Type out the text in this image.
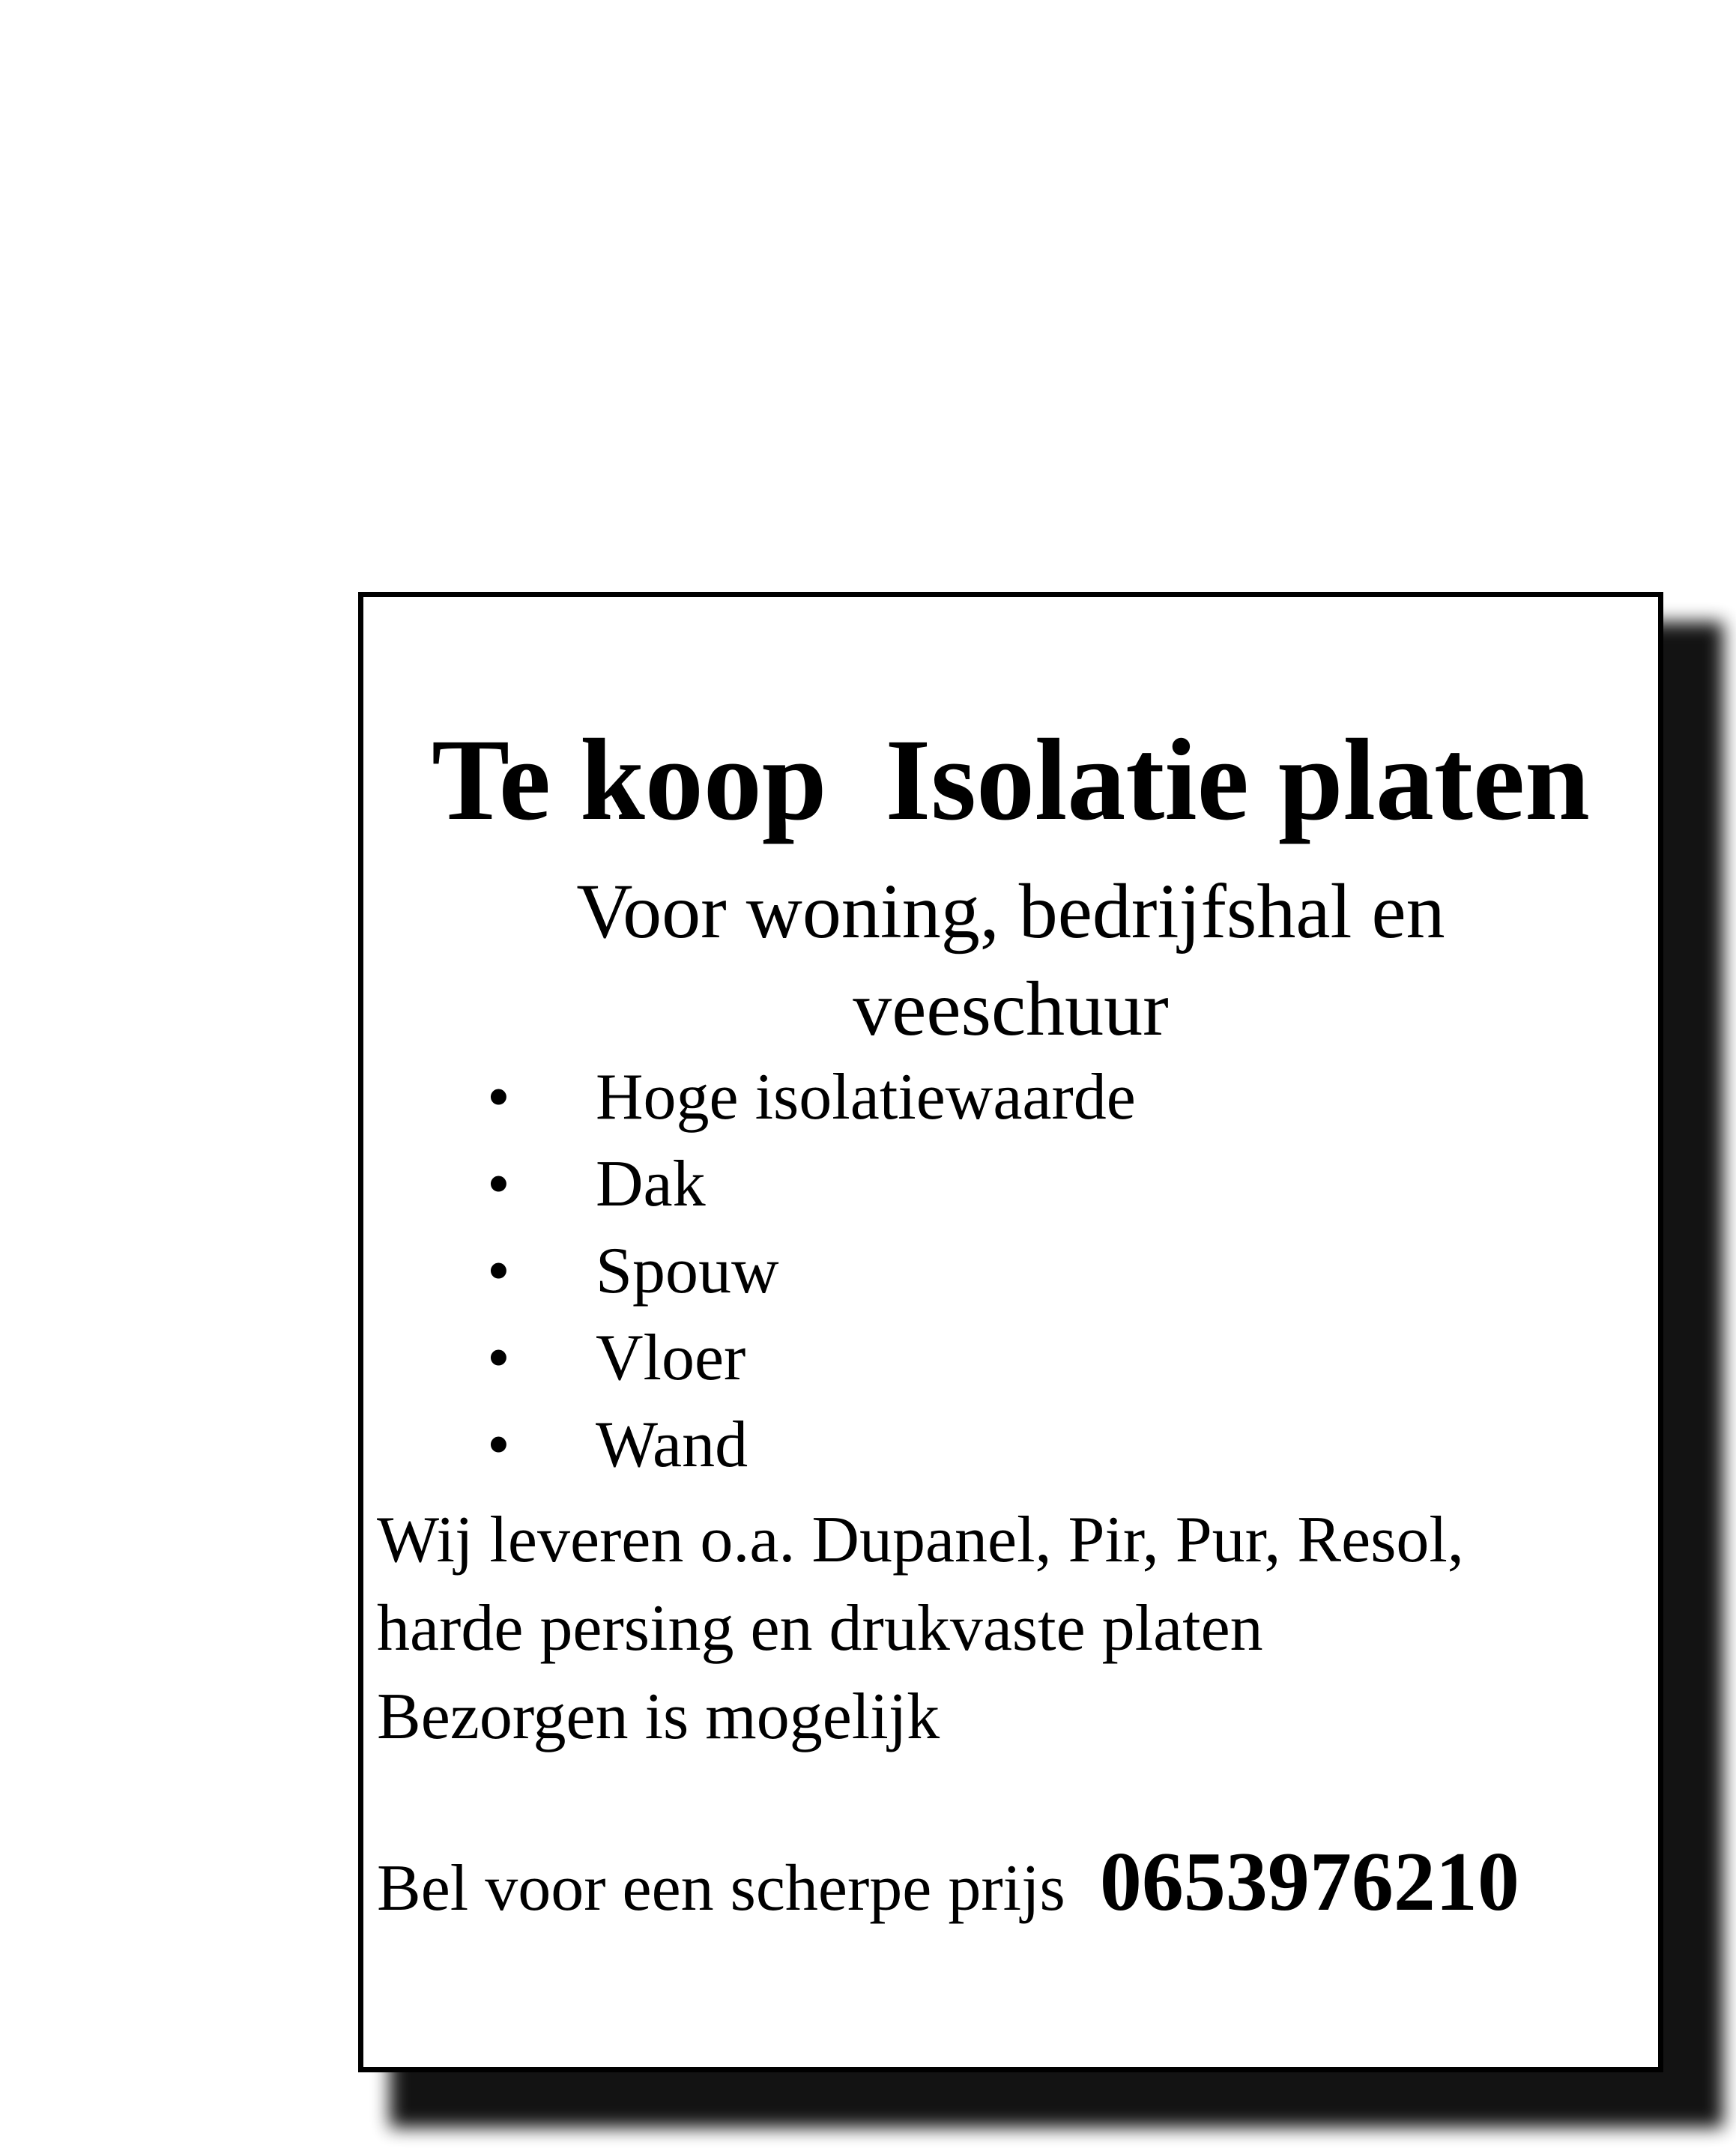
Te koop  Isolatie platen
Voor woning, bedrijfshal en
veeschuur
• Hoge isolatiewaarde
• Dak
• Spouw
• Vloer
• Wand
Wij leveren o.a. Dupanel, Pir, Pur, Resol,
harde persing en drukvaste platen
Bezorgen is mogelijk
Bel voor een scherpe prijs 0653976210
